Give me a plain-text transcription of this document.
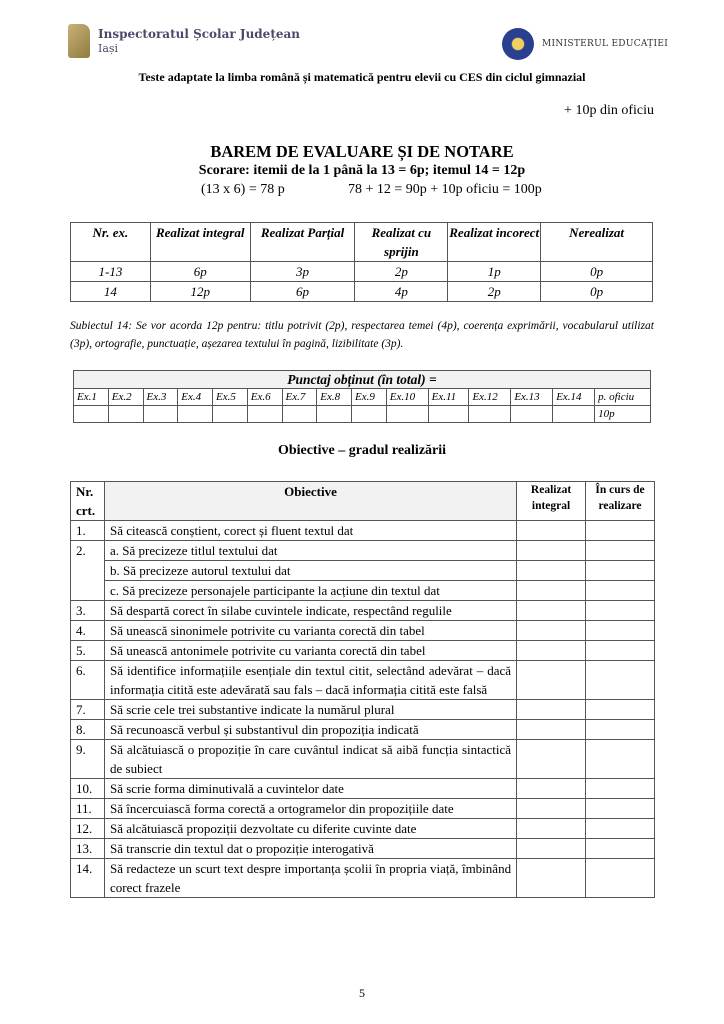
Inspectoratul Școlar Județean
Iași	MINISTERUL EDUCAȚIEI
Teste adaptate la limba română și matematică pentru elevii cu CES din ciclul gimnazial
+ 10p din oficiu
BAREM DE EVALUARE ȘI DE NOTARE
Scorare: itemii de la 1 până la 13 = 6p; itemul 14 = 12p
(13 x 6) = 78 p	78 + 12 = 90p + 10p oficiu = 100p
Nr. ex.	Realizat integral	Realizat Parțial	Realizat cu sprijin	Realizat incorect	Nerealizat
1-13	6p	3p	2p	1p	0p
14	12p	6p	4p	2p	0p
Subiectul 14: Se vor acorda 12p pentru: titlu potrivit (2p), respectarea temei (4p), coerența exprimării, vocabularul utilizat (3p), ortografie, punctuație, așezarea textului în pagină, lizibilitate (3p).
Punctaj obținut (în total) =														
Ex.1	Ex.2	Ex.3	Ex.4	Ex.5	Ex.6	Ex.7	Ex.8	Ex.9	Ex.10	Ex.11	Ex.12	Ex.13	Ex.14	p. oficiu
														10p
Obiective – gradul realizării
Nr. crt.	Obiective	Realizat integral	În curs de realizare
1.	Să citească conștient, corect și fluent textul dat		
2.	a. Să precizeze titlul textului dat		
	b. Să precizeze autorul textului dat		
	c. Să precizeze personajele participante la acțiune din textul dat		
3.	Să despartă corect în silabe cuvintele indicate, respectând regulile		
4.	Să unească sinonimele potrivite cu varianta corectă din tabel		
5.	Să unească antonimele potrivite cu varianta corectă din tabel		
6.	Să identifice informațiile esențiale din textul citit, selectând adevărat – dacă informația citită este adevărată sau fals – dacă informația citită este falsă		
7.	Să scrie cele trei substantive indicate la numărul plural		
8.	Să recunoască verbul și substantivul din propoziția indicată		
9.	Să alcătuiască o propoziție în care cuvântul indicat să aibă funcția sintactică de subiect		
10.	Să scrie forma diminutivală a cuvintelor date		
11.	Să încercuiască forma corectă a ortogramelor din propozițiile date		
12.	Să alcătuiască propoziții dezvoltate cu diferite cuvinte date		
13.	Să transcrie din textul dat o propoziție interogativă		
14.	Să redacteze un scurt text despre importanța școlii în propria viață, îmbinând corect frazele		
5
